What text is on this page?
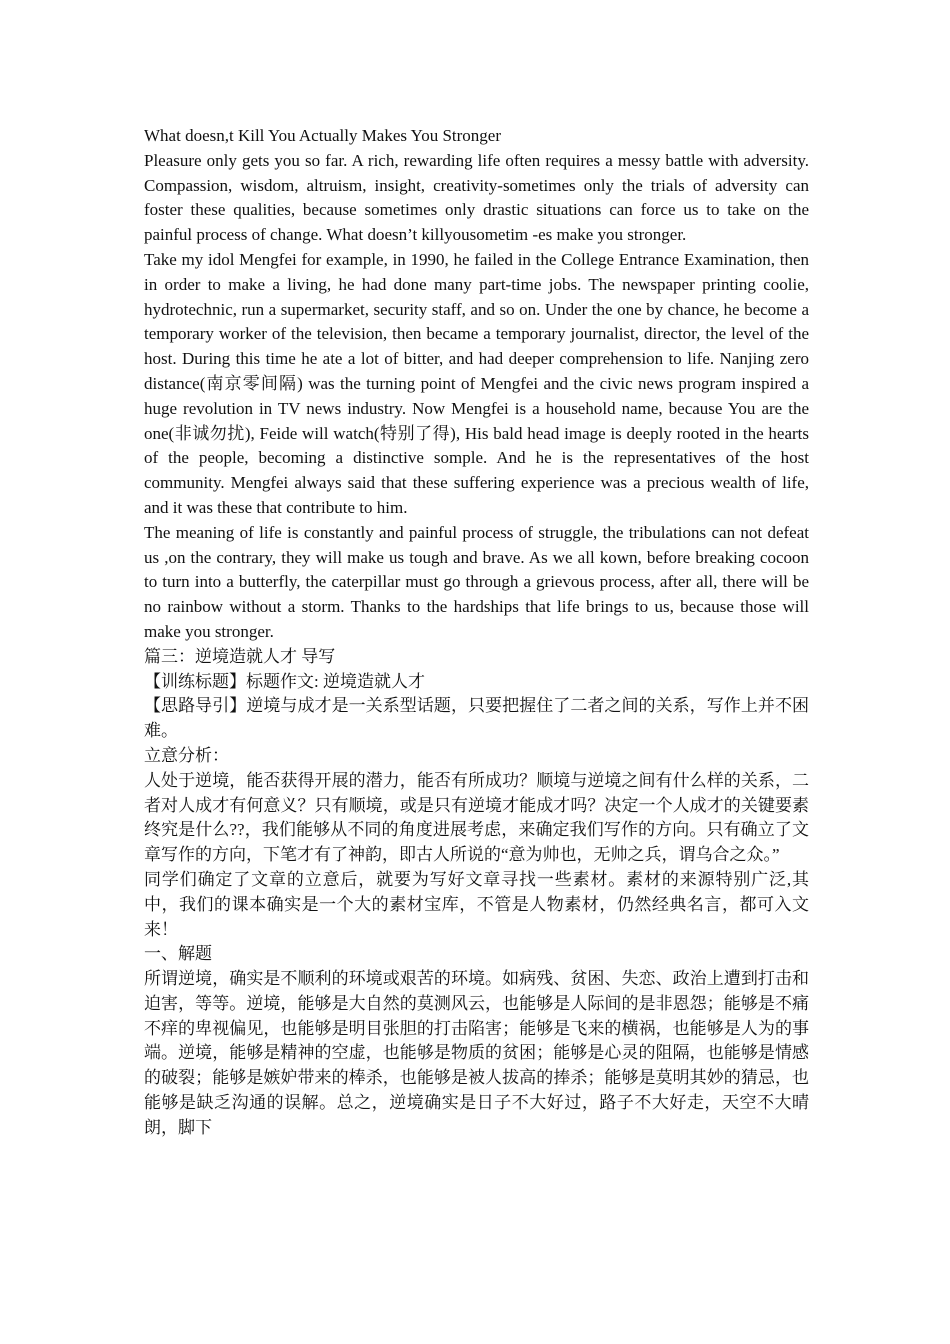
What doesn,t Kill You Actually Makes You Stronger

Pleasure only gets you so far. A rich, rewarding life often requires a messy battle with adversity. Compassion, wisdom, altruism, insight, creativity-sometimes only the trials of adversity can foster these qualities, because sometimes only drastic situations can force us to take on the painful process of change. What doesn’t killyousometim -es make you stronger.

Take my idol Mengfei for example, in 1990, he failed in the College Entrance Examination, then in order to make a living, he had done many part-time jobs. The newspaper printing coolie, hydrotechnic, run a supermarket, security staff, and so on. Under the one by chance, he become a temporary worker of the television, then became a temporary journalist, director, the level of the host. During this time he ate a lot of bitter, and had deeper comprehension to life. Nanjing zero distance(南京零间隔) was the turning point of Mengfei and the civic news program inspired a huge revolution in TV news industry. Now Mengfei is a household name, because You are the one(非诚勿扰), Feide will watch(特别了得), His bald head image is deeply rooted in the hearts of the people, becoming a distinctive somple. And he is the representatives of the host community. Mengfei always said that these suffering experience was a precious wealth of life, and it was these that contribute to him.

The meaning of life is constantly and painful process of struggle, the tribulations can not defeat us ,on the contrary, they will make us tough and brave. As we all kown, before breaking cocoon to turn into a butterfly, the caterpillar must go through a grievous process, after all, there will be no rainbow without a storm. Thanks to the hardships that life brings to us, because those will make you stronger.

篇三：逆境造就人才 导写

【训练标题】标题作文: 逆境造就人才

【思路导引】逆境与成才是一关系型话题，只要把握住了二者之间的关系，写作上并不困难。

立意分析：

人处于逆境，能否获得开展的潜力，能否有所成功？顺境与逆境之间有什么样的关系，二者对人成才有何意义？只有顺境，或是只有逆境才能成才吗？决定一个人成才的关键要素终究是什么??，我们能够从不同的角度进展考虑，来确定我们写作的方向。只有确立了文章写作的方向，下笔才有了神韵，即古人所说的“意为帅也，无帅之兵，谓乌合之众。”

同学们确定了文章的立意后，就要为写好文章寻找一些素材。素材的来源特别广泛,其中，我们的课本确实是一个大的素材宝库，不管是人物素材，仍然经典名言，都可入文来！

一、解题

所谓逆境，确实是不顺利的环境或艰苦的环境。如病残、贫困、失恋、政治上遭到打击和迫害，等等。逆境，能够是大自然的莫测风云，也能够是人际间的是非恩怨；能够是不痛不痒的卑视偏见，也能够是明目张胆的打击陷害；能够是飞来的横祸，也能够是人为的事端。逆境，能够是精神的空虚，也能够是物质的贫困；能够是心灵的阻隔，也能够是情感的破裂；能够是嫉妒带来的棒杀，也能够是被人拔高的捧杀；能够是莫明其妙的猜忌，也能够是缺乏沟通的误解。总之，逆境确实是日子不大好过，路子不大好走，天空不大晴朗，脚下
